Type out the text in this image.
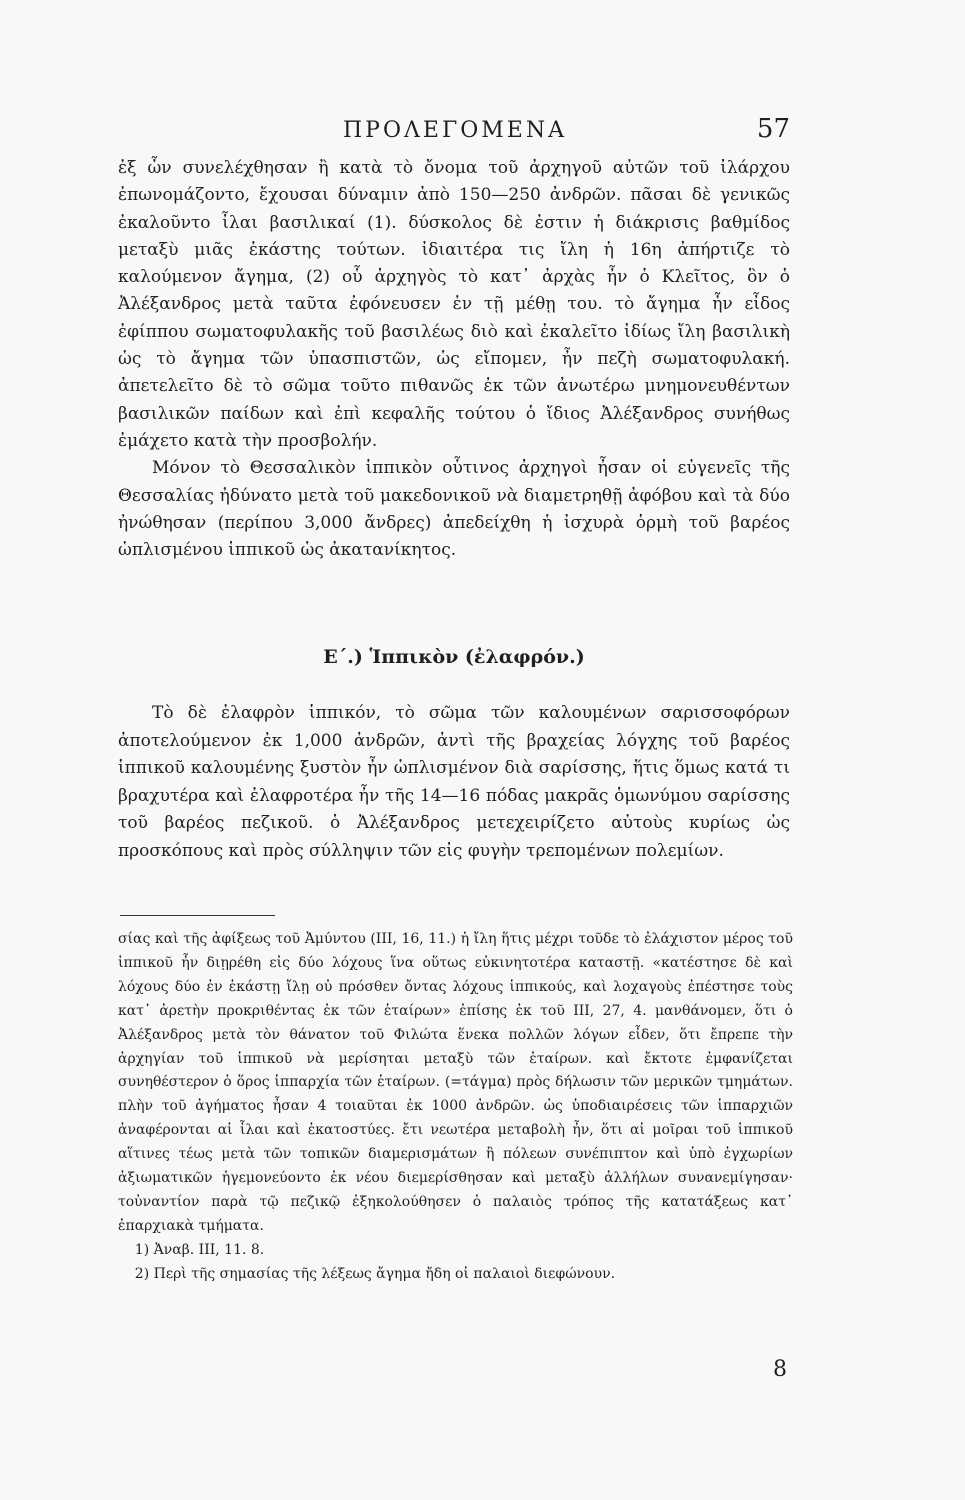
ΠΡΟΛΕΓΟΜΕΝΑ	57

ἐξ ὧν συνελέχθησαν ἢ κατὰ τὸ ὄνομα τοῦ ἀρχηγοῦ αὐτῶν τοῦ ἰλάρχου ἐπωνομάζοντο, ἔχουσαι δύναμιν ἀπὸ 150—250 ἀνδρῶν. πᾶσαι δὲ γενικῶς ἐκαλοῦντο ἶλαι βασιλικαί (1). δύσκολος δὲ ἐστιν ἡ διάκρισις βαθμίδος μεταξὺ μιᾶς ἑκάστης τούτων. ἰδιαιτέρα τις ἴλη ἡ 16η ἀπήρτιζε τὸ καλούμενον ἄγημα, (2) οὗ ἀρχηγὸς τὸ κατ᾽ ἀρχὰς ἦν ὁ Κλεῖτος, ὃν ὁ Ἀλέξανδρος μετὰ ταῦτα ἐφόνευσεν ἐν τῇ μέθῃ του. τὸ ἄγημα ἦν εἶδος ἐφίππου σωματοφυλακῆς τοῦ βασιλέως διὸ καὶ ἐκαλεῖτο ἰδίως ἴλη βασιλικὴ ὡς τὸ ἄγημα τῶν ὑπασπιστῶν, ὡς εἴπομεν, ἦν πεζὴ σωματοφυλακή. ἀπετελεῖτο δὲ τὸ σῶμα τοῦτο πιθανῶς ἐκ τῶν ἀνωτέρω μνημονευθέντων βασιλικῶν παίδων καὶ ἐπὶ κεφαλῆς τούτου ὁ ἴδιος Ἀλέξανδρος συνήθως ἐμάχετο κατὰ τὴν προσβολήν.

Μόνον τὸ Θεσσαλικὸν ἱππικὸν οὗτινος ἀρχηγοὶ ἦσαν οἱ εὐγενεῖς τῆς Θεσσαλίας ἠδύνατο μετὰ τοῦ μακεδονικοῦ νὰ διαμετρηθῇ ἀφόβου καὶ τὰ δύο ἠνώθησαν (περίπου 3,000 ἄνδρες) ἀπεδείχθη ἡ ἰσχυρὰ ὁρμὴ τοῦ βαρέος ὡπλισμένου ἱππικοῦ ὡς ἀκατανίκητος.

Ε΄.) Ἱππικὸν (ἐλαφρόν.)

Τὸ δὲ ἐλαφρὸν ἱππικόν, τὸ σῶμα τῶν καλουμένων σαρισσοφόρων ἀποτελούμενον ἐκ 1,000 ἀνδρῶν, ἀντὶ τῆς βραχείας λόγχης τοῦ βαρέος ἱππικοῦ καλουμένης ξυστὸν ἦν ὡπλισμένον διὰ σαρίσσης, ἥτις ὅμως κατά τι βραχυτέρα καὶ ἐλαφροτέρα ἦν τῆς 14—16 πόδας μακρᾶς ὁμωνύμου σαρίσσης τοῦ βαρέος πεζικοῦ. ὁ Ἀλέξανδρος μετεχειρίζετο αὐτοὺς κυρίως ὡς προσκόπους καὶ πρὸς σύλληψιν τῶν εἰς φυγὴν τρεπομένων πολεμίων.

σίας καὶ τῆς ἀφίξεως τοῦ Ἀμύντου (III, 16, 11.) ἡ ἴλη ἥτις μέχρι τοῦδε τὸ ἐλάχιστον μέρος τοῦ ἱππικοῦ ἦν διῃρέθη εἰς δύο λόχους ἵνα οὕτως εὐκινητοτέρα καταστῇ. «κατέστησε δὲ καὶ λόχους δύο ἐν ἑκάστῃ ἴλῃ οὐ πρόσθεν ὄντας λόχους ἱππικούς, καὶ λοχαγοὺς ἐπέστησε τοὺς κατ᾽ ἀρετὴν προκριθέντας ἐκ τῶν ἑταίρων» ἐπίσης ἐκ τοῦ III, 27, 4. μανθάνομεν, ὅτι ὁ Ἀλέξανδρος μετὰ τὸν θάνατον τοῦ Φιλώτα ἕνεκα πολλῶν λόγων εἶδεν, ὅτι ἔπρεπε τὴν ἀρχηγίαν τοῦ ἱππικοῦ νὰ μερίσηται μεταξὺ τῶν ἑταίρων. καὶ ἔκτοτε ἐμφανίζεται συνηθέστερον ὁ ὅρος ἱππαρχία τῶν ἑταίρων. (=τάγμα) πρὸς δήλωσιν τῶν μερικῶν τμημάτων. πλὴν τοῦ ἀγήματος ἦσαν 4 τοιαῦται ἐκ 1000 ἀνδρῶν. ὡς ὑποδιαιρέσεις τῶν ἱππαρχιῶν ἀναφέρονται αἱ ἶλαι καὶ ἑκατοστύες. ἔτι νεωτέρα μεταβολὴ ἦν, ὅτι αἱ μοῖραι τοῦ ἱππικοῦ αἵτινες τέως μετὰ τῶν τοπικῶν διαμερισμάτων ἢ πόλεων συνέπιπτον καὶ ὑπὸ ἐγχωρίων ἀξιωματικῶν ἡγεμονεύοντο ἐκ νέου διεμερίσθησαν καὶ μεταξὺ ἀλλήλων συνανεμίγησαν· τοὐναντίον παρὰ τῷ πεζικῷ ἐξηκολούθησεν ὁ παλαιὸς τρόπος τῆς κατατάξεως κατ᾽ ἐπαρχιακὰ τμήματα.

1) Ἀναβ. III, 11. 8.

2) Περὶ τῆς σημασίας τῆς λέξεως ἄγημα ἤδη οἱ παλαιοὶ διεφώνουν.

8
